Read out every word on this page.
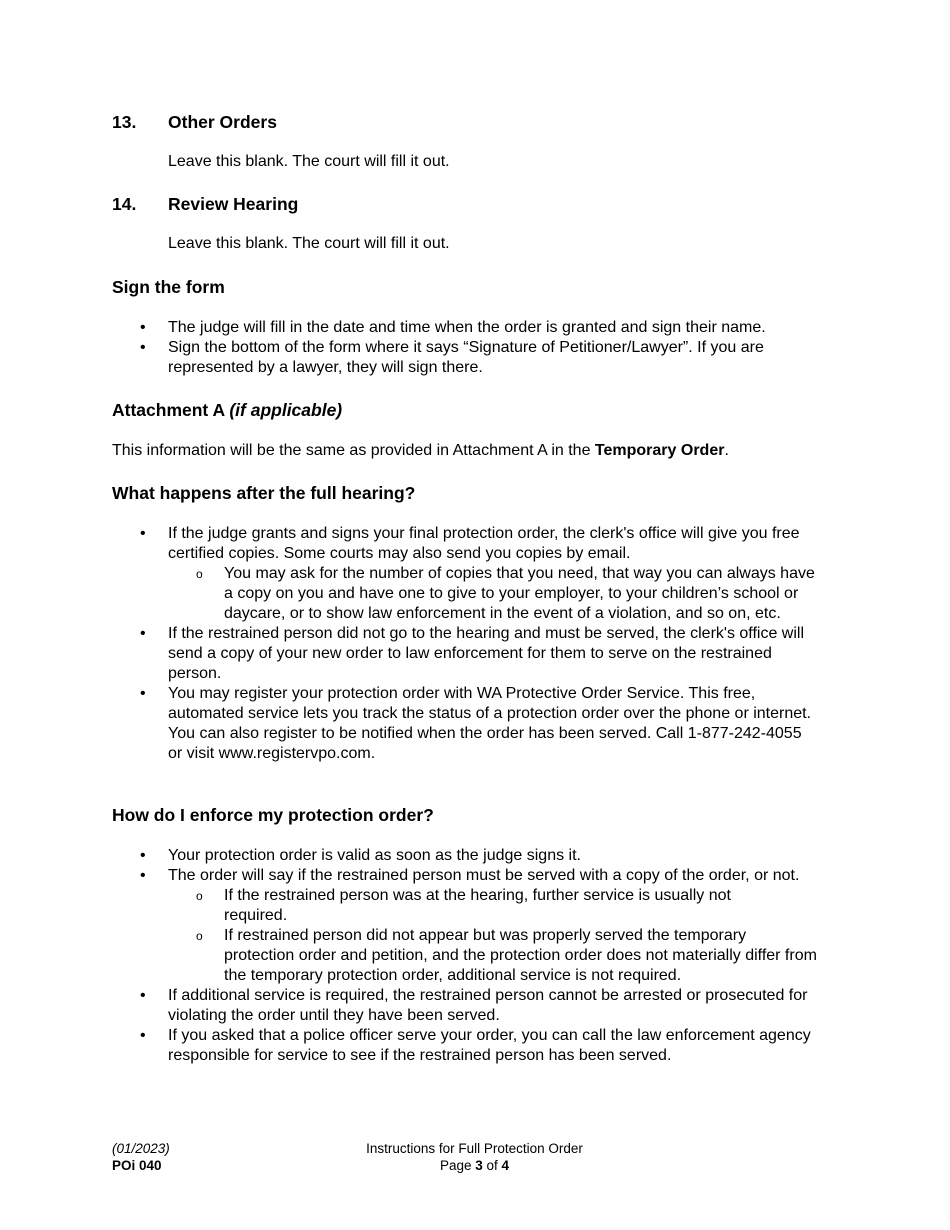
13. Other Orders
Leave this blank. The court will fill it out.
14. Review Hearing
Leave this blank. The court will fill it out.
Sign the form
• The judge will fill in the date and time when the order is granted and sign their name.
• Sign the bottom of the form where it says “Signature of Petitioner/Lawyer”. If you are represented by a lawyer, they will sign there.
Attachment A (if applicable)
This information will be the same as provided in Attachment A in the Temporary Order.
What happens after the full hearing?
• If the judge grants and signs your final protection order, the clerk's office will give you free certified copies. Some courts may also send you copies by email.
o You may ask for the number of copies that you need, that way you can always have a copy on you and have one to give to your employer, to your children’s school or daycare, or to show law enforcement in the event of a violation, and so on, etc.
• If the restrained person did not go to the hearing and must be served, the clerk's office will send a copy of your new order to law enforcement for them to serve on the restrained person.
• You may register your protection order with WA Protective Order Service. This free, automated service lets you track the status of a protection order over the phone or internet. You can also register to be notified when the order has been served. Call 1-877-242-4055 or visit www.registervpo.com.
How do I enforce my protection order?
• Your protection order is valid as soon as the judge signs it.
• The order will say if the restrained person must be served with a copy of the order, or not.
o If the restrained person was at the hearing, further service is usually not required.
o If restrained person did not appear but was properly served the temporary protection order and petition, and the protection order does not materially differ from the temporary protection order, additional service is not required.
• If additional service is required, the restrained person cannot be arrested or prosecuted for violating the order until they have been served.
• If you asked that a police officer serve your order, you can call the law enforcement agency responsible for service to see if the restrained person has been served.
(01/2023)
POi 040
Instructions for Full Protection Order
Page 3 of 4
